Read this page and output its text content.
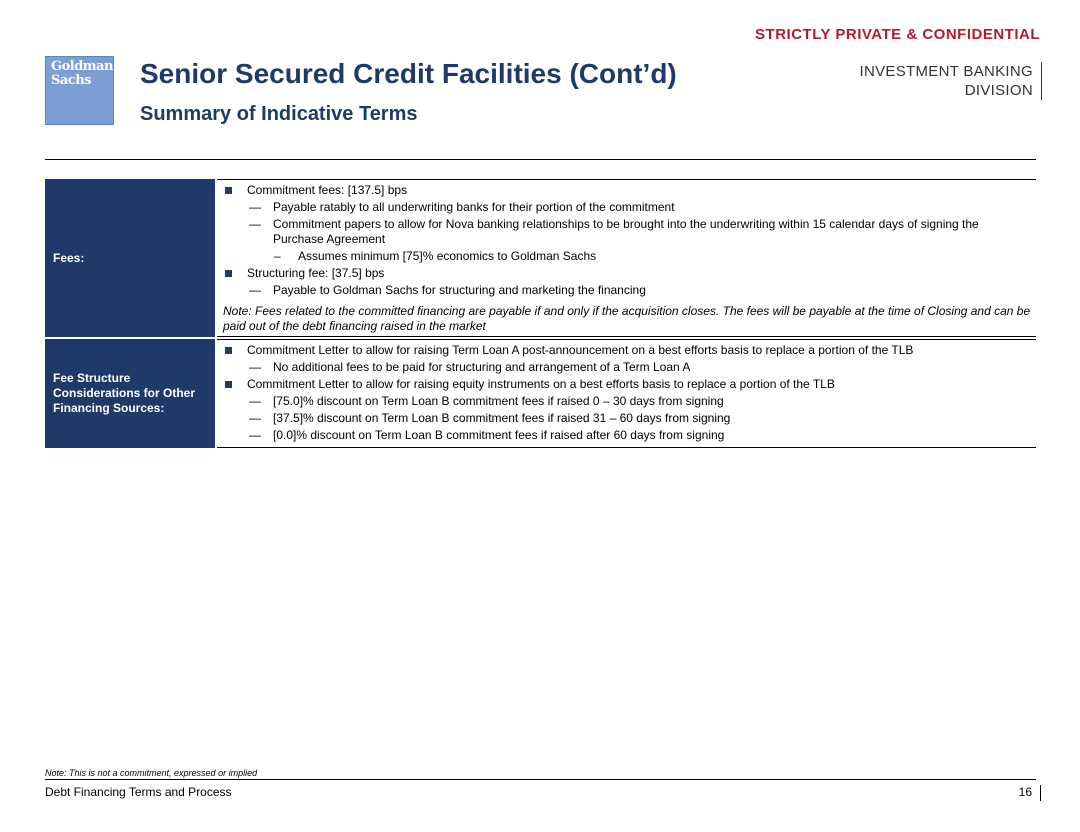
STRICTLY PRIVATE & CONFIDENTIAL
Goldman
Sachs	Senior Secured Credit Facilities (Cont’d)
Summary of Indicative Terms
INVESTMENT BANKING
DIVISION
Fees:
Commitment fees: [137.5] bps
— Payable ratably to all underwriting banks for their portion of the commitment
— Commitment papers to allow for Nova banking relationships to be brought into the underwriting within 15 calendar days of signing the Purchase Agreement
– Assumes minimum [75]% economics to Goldman Sachs
Structuring fee: [37.5] bps
— Payable to Goldman Sachs for structuring and marketing the financing
Note: Fees related to the committed financing are payable if and only if the acquisition closes. The fees will be payable at the time of Closing and can be paid out of the debt financing raised in the market
Fee Structure Considerations for Other Financing Sources:
Commitment Letter to allow for raising Term Loan A post-announcement on a best efforts basis to replace a portion of the TLB
— No additional fees to be paid for structuring and arrangement of a Term Loan A
Commitment Letter to allow for raising equity instruments on a best efforts basis to replace a portion of the TLB
— [75.0]% discount on Term Loan B commitment fees if raised 0 – 30 days from signing
— [37.5]% discount on Term Loan B commitment fees if raised 31 – 60 days from signing
— [0.0]% discount on Term Loan B commitment fees if raised after 60 days from signing
Note: This is not a commitment, expressed or implied
Debt Financing Terms and Process	16
